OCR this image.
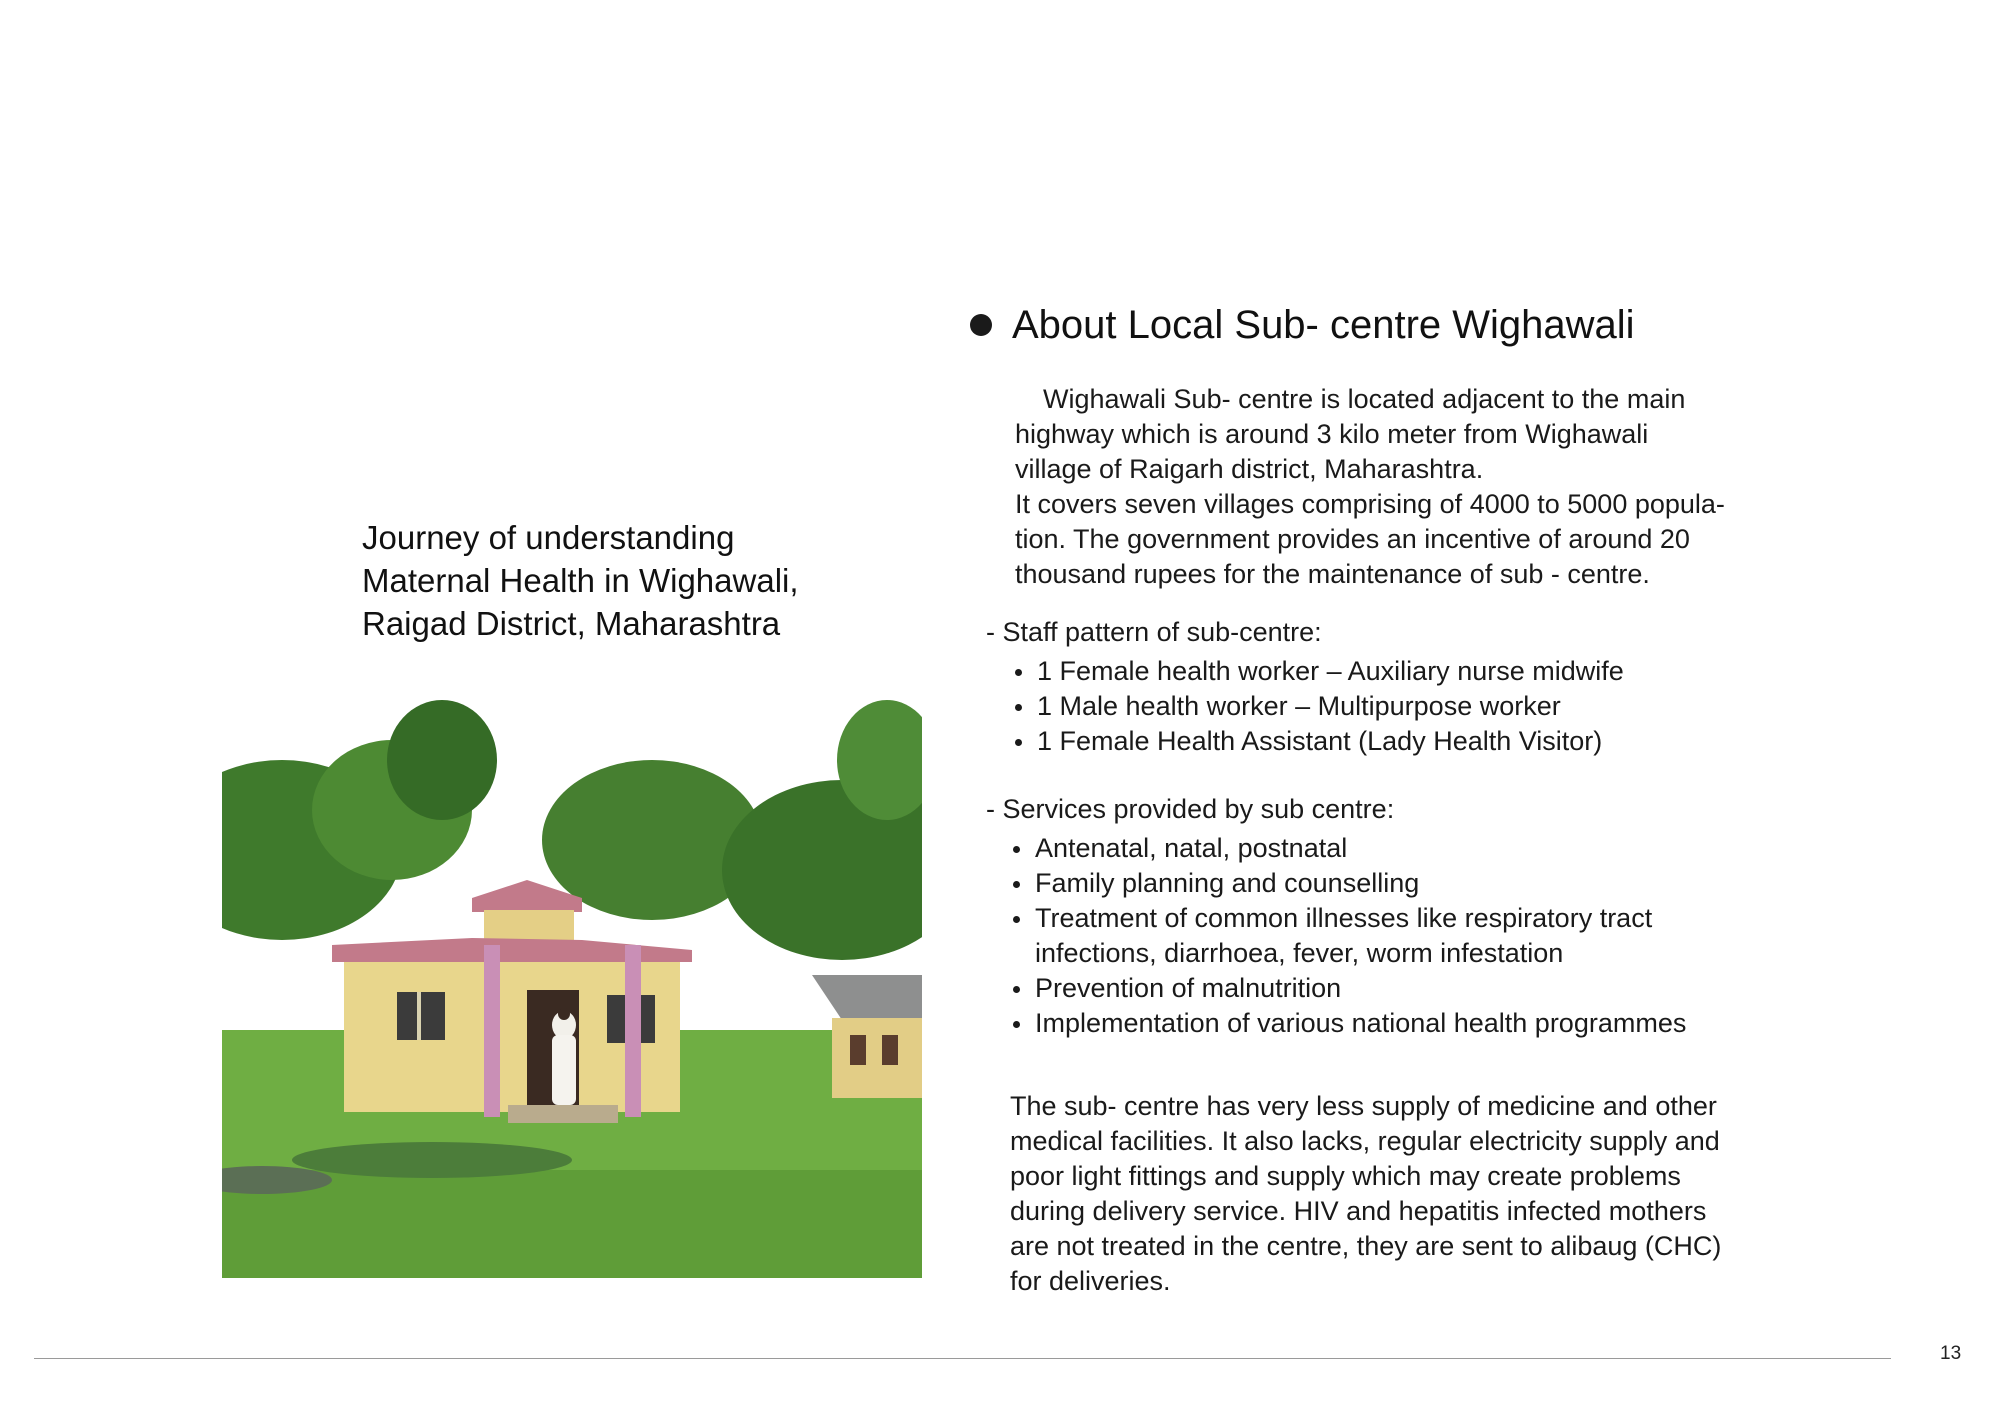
Journey of understanding
Maternal Health in Wighawali,
Raigad District, Maharashtra
About Local Sub- centre Wighawali

Wighawali Sub- centre is located adjacent to the main

highway which is around 3 kilo meter from Wighawali

village of Raigarh district, Maharashtra.

It covers seven villages comprising of 4000 to 5000 popula-

tion. The government provides an incentive of around 20

thousand rupees for the maintenance of sub - centre.

- Staff pattern of sub-centre:
1 Female health worker – Auxiliary nurse midwife
1 Male health worker – Multipurpose worker
1 Female Health Assistant (Lady Health Visitor)
- Services provided by sub centre:
Antenatal, natal, postnatal
Family planning and counselling
Treatment of common illnesses like respiratory tract
infections, diarrhoea, fever, worm infestation
Prevention of malnutrition
Implementation of various national health programmes

The sub- centre has very less supply of medicine and other

medical facilities. It also lacks, regular electricity supply and

poor light fittings and supply which may create problems

during delivery service. HIV and hepatitis infected mothers

are not treated in the centre, they are sent to alibaug (CHC)

for deliveries.

13
